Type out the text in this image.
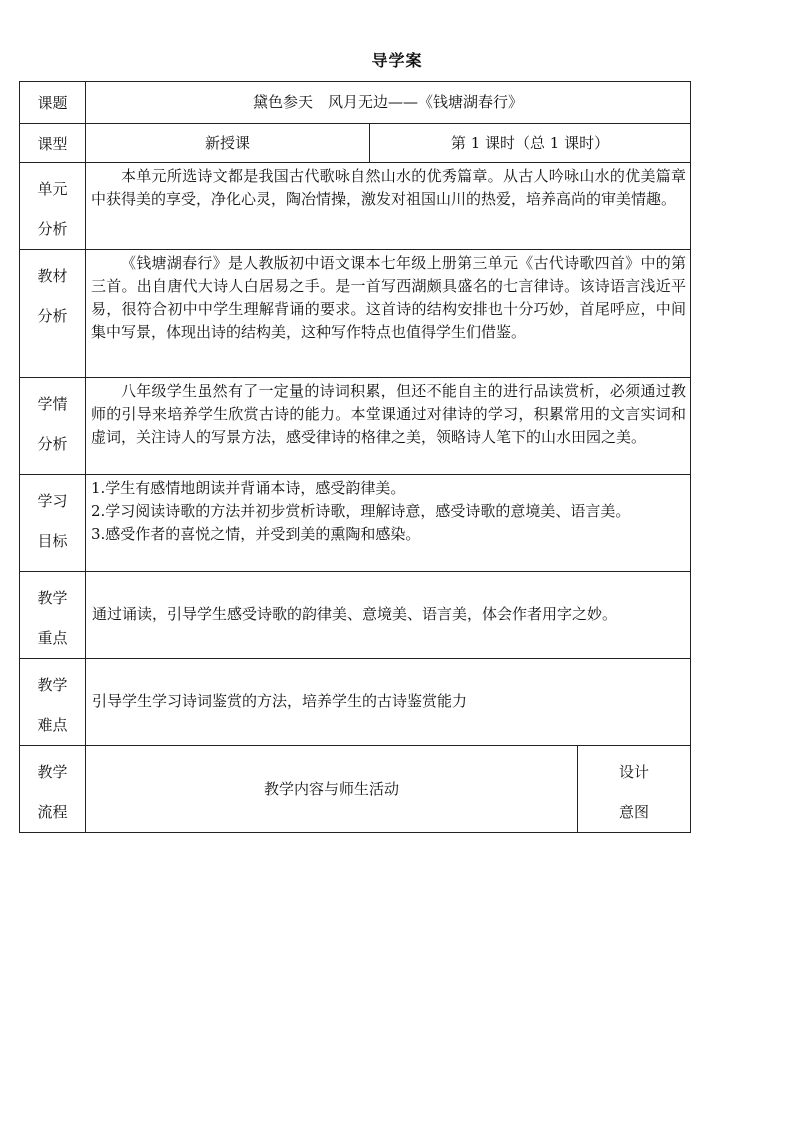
导学案
课题	黛色参天　风月无边——《钱塘湖春行》		
课型	新授课	第 1 课时（总 1 课时）	

单元
分析	本单元所选诗文都是我国古代歌咏自然山水的优秀篇章。从古人吟咏山水的优美篇章中获得美的享受，净化心灵，陶冶情操，激发对祖国山川的热爱，培养高尚的审美情趣。		

教材
分析	《钱塘湖春行》是人教版初中语文课本七年级上册第三单元《古代诗歌四首》中的第三首。出自唐代大诗人白居易之手。是一首写西湖颇具盛名的七言律诗。该诗语言浅近平易，很符合初中中学生理解背诵的要求。这首诗的结构安排也十分巧妙，首尾呼应，中间集中写景，体现出诗的结构美，这种写作特点也值得学生们借鉴。		

学情
分析	八年级学生虽然有了一定量的诗词积累，但还不能自主的进行品读赏析，必须通过教师的引导来培养学生欣赏古诗的能力。本堂课通过对律诗的学习，积累常用的文言实词和虚词，关注诗人的写景方法，感受律诗的格律之美，领略诗人笔下的山水田园之美。		

学习
目标	1.学生有感情地朗读并背诵本诗，感受韵律美。
2.学习阅读诗歌的方法并初步赏析诗歌，理解诗意，感受诗歌的意境美、语言美。
3.感受作者的喜悦之情，并受到美的熏陶和感染。		

教学
重点	通过诵读，引导学生感受诗歌的韵律美、意境美、语言美，体会作者用字之妙。		

教学
难点	引导学生学习诗词鉴赏的方法，培养学生的古诗鉴赏能力		

教学
流程	教学内容与师生活动		设计
意图
